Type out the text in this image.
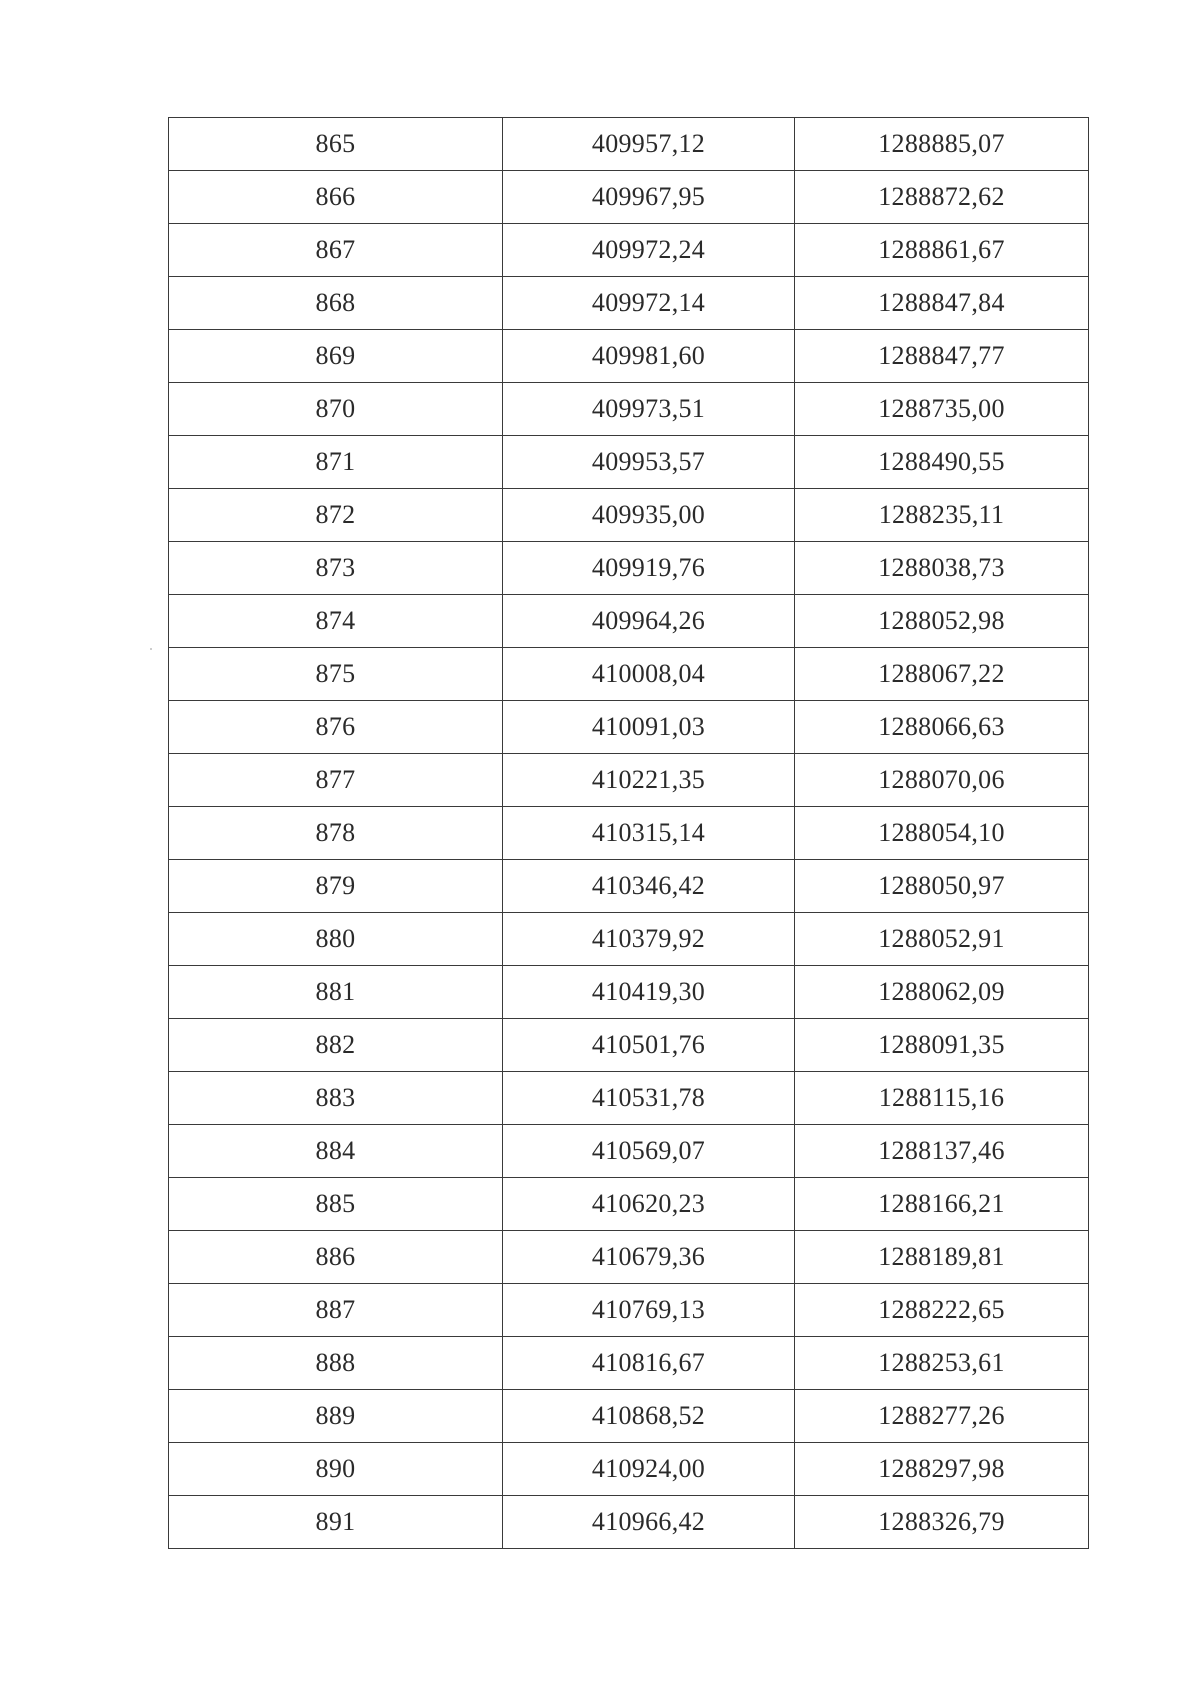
865	409957,12	1288885,07
866	409967,95	1288872,62
867	409972,24	1288861,67
868	409972,14	1288847,84
869	409981,60	1288847,77
870	409973,51	1288735,00
871	409953,57	1288490,55
872	409935,00	1288235,11
873	409919,76	1288038,73
874	409964,26	1288052,98
875	410008,04	1288067,22
876	410091,03	1288066,63
877	410221,35	1288070,06
878	410315,14	1288054,10
879	410346,42	1288050,97
880	410379,92	1288052,91
881	410419,30	1288062,09
882	410501,76	1288091,35
883	410531,78	1288115,16
884	410569,07	1288137,46
885	410620,23	1288166,21
886	410679,36	1288189,81
887	410769,13	1288222,65
888	410816,67	1288253,61
889	410868,52	1288277,26
890	410924,00	1288297,98
891	410966,42	1288326,79
